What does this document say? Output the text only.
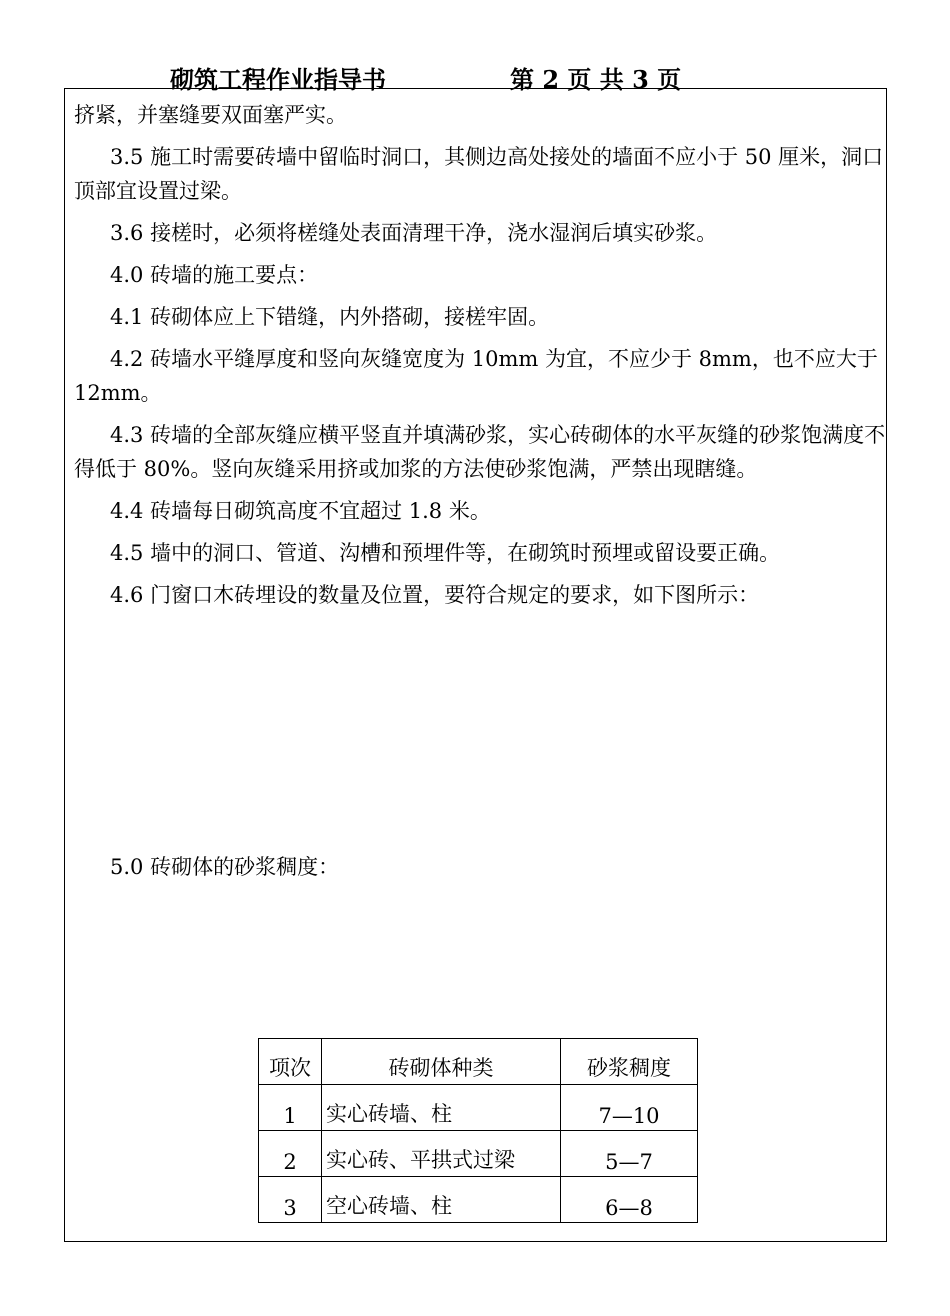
砌筑工程作业指导书	第 2 页 共 3 页

挤紧，并塞缝要双面塞严实。

3.5 施工时需要砖墙中留临时洞口，其侧边高处接处的墙面不应小于 50 厘米，洞口顶部宜设置过梁。

3.6 接槎时，必须将槎缝处表面清理干净，浇水湿润后填实砂浆。

4.0 砖墙的施工要点：

4.1 砖砌体应上下错缝，内外搭砌，接槎牢固。

4.2 砖墙水平缝厚度和竖向灰缝宽度为 10mm 为宜，不应少于 8mm，也不应大于 12mm。

4.3 砖墙的全部灰缝应横平竖直并填满砂浆，实心砖砌体的水平灰缝的砂浆饱满度不得低于 80%。竖向灰缝采用挤或加浆的方法使砂浆饱满，严禁出现瞎缝。

4.4 砖墙每日砌筑高度不宜超过 1.8 米。

4.5 墙中的洞口、管道、沟槽和预埋件等，在砌筑时预埋或留设要正确。

4.6 门窗口木砖埋设的数量及位置，要符合规定的要求，如下图所示：

5.0 砖砌体的砂浆稠度：

项次	砖砌体种类	砂浆稠度
1	实心砖墙、柱	7—10
2	实心砖、平拱式过梁	5—7
3	空心砖墙、柱	6—8
